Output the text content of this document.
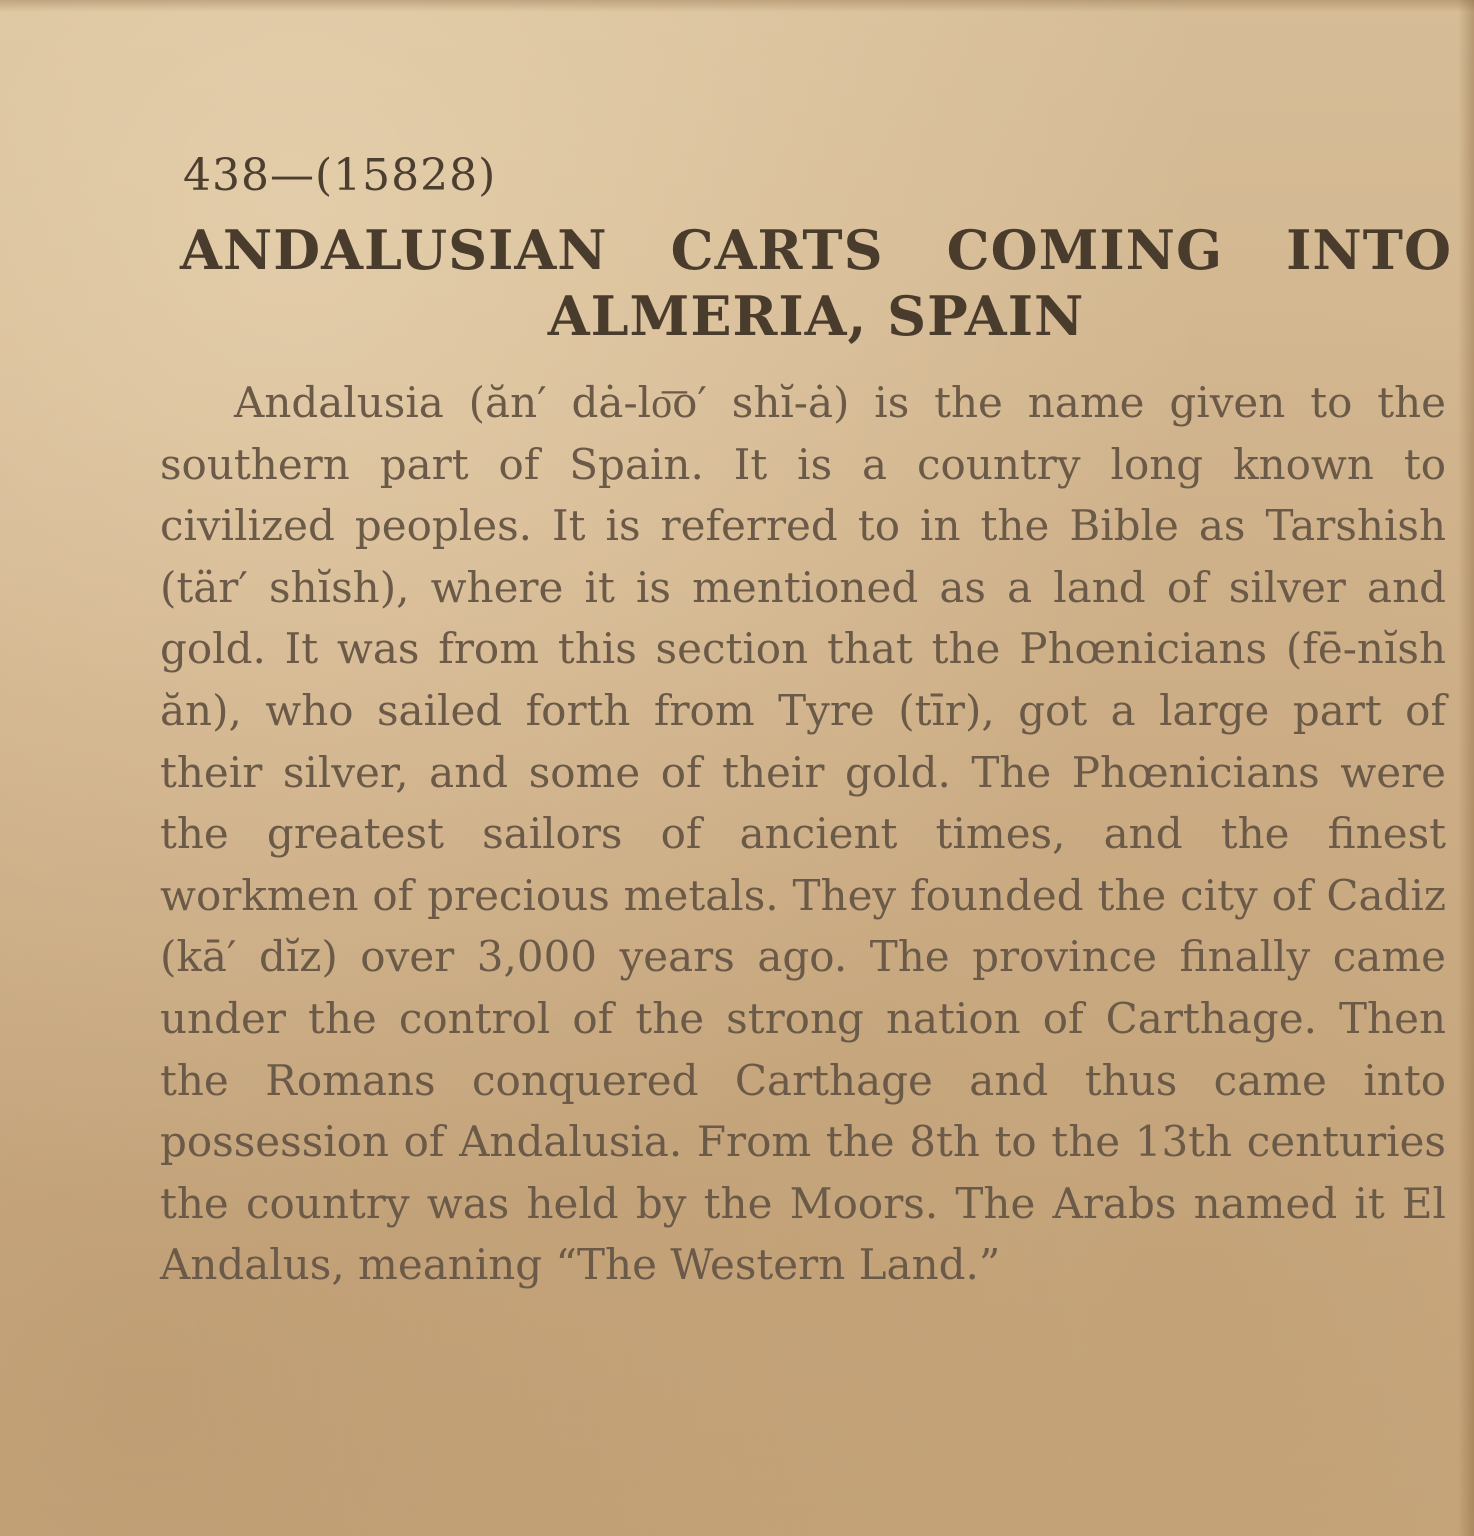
438—(15828)
ANDALUSIAN CARTS COMING INTO
ALMERIA, SPAIN

Andalusia (ăn′ dȧ-lo͞o′ shĭ-ȧ) is the name given to the southern part of Spain. It is a country long known to civilized peoples. It is referred to in the Bible as Tarshish (tär′ shĭsh), where it is mentioned as a land of silver and gold. It was from this section that the Phœnicians (fē-nĭsh ăn), who sailed forth from Tyre (tīr), got a large part of their silver, and some of their gold. The Phœnicians were the greatest sailors of ancient times, and the finest workmen of precious metals. They founded the city of Cadiz (kā′ dĭz) over 3,000 years ago. The province finally came under the control of the strong nation of Carthage. Then the Romans conquered Carthage and thus came into possession of Andalusia. From the 8th to the 13th centuries the country was held by the Moors. The Arabs named it El Andalus, meaning “The Western Land.”
